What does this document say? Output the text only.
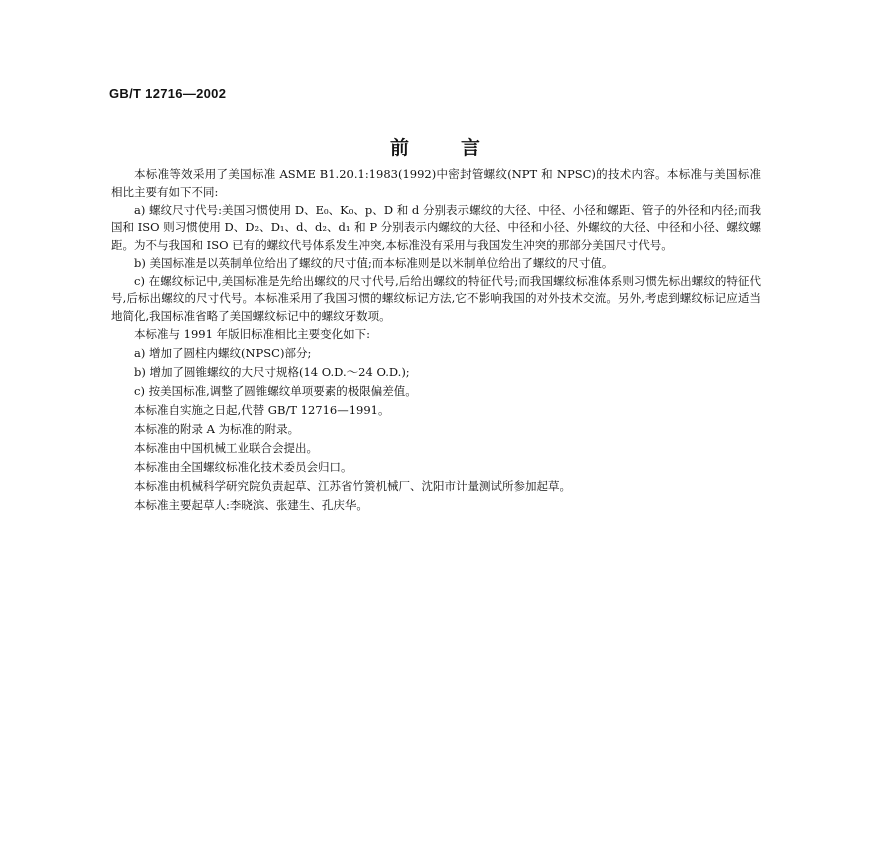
GB/T 12716—2002
前言

本标准等效采用了美国标准 ASME B1.20.1:1983(1992)中密封管螺纹(NPT 和 NPSC)的技术内容。本标准与美国标准相比主要有如下不同:

a) 螺纹尺寸代号:美国习惯使用 D、E₀、K₀、p、D 和 d 分别表示螺纹的大径、中径、小径和螺距、管子的外径和内径;而我国和 ISO 则习惯使用 D、D₂、D₁、d、d₂、d₁ 和 P 分别表示内螺纹的大径、中径和小径、外螺纹的大径、中径和小径、螺纹螺距。为不与我国和 ISO 已有的螺纹代号体系发生冲突,本标准没有采用与我国发生冲突的那部分美国尺寸代号。

b) 美国标准是以英制单位给出了螺纹的尺寸值;而本标准则是以米制单位给出了螺纹的尺寸值。

c) 在螺纹标记中,美国标准是先给出螺纹的尺寸代号,后给出螺纹的特征代号;而我国螺纹标准体系则习惯先标出螺纹的特征代号,后标出螺纹的尺寸代号。本标准采用了我国习惯的螺纹标记方法,它不影响我国的对外技术交流。另外,考虑到螺纹标记应适当地简化,我国标准省略了美国螺纹标记中的螺纹牙数项。

本标准与 1991 年版旧标准相比主要变化如下:

a) 增加了圆柱内螺纹(NPSC)部分;

b) 增加了圆锥螺纹的大尺寸规格(14 O.D.～24 O.D.);

c) 按美国标准,调整了圆锥螺纹单项要素的极限偏差值。

本标准自实施之日起,代替 GB/T 12716—1991。

本标准的附录 A 为标准的附录。

本标准由中国机械工业联合会提出。

本标准由全国螺纹标准化技术委员会归口。

本标准由机械科学研究院负责起草、江苏省竹箦机械厂、沈阳市计量测试所参加起草。

本标准主要起草人:李晓滨、张建生、孔庆华。
